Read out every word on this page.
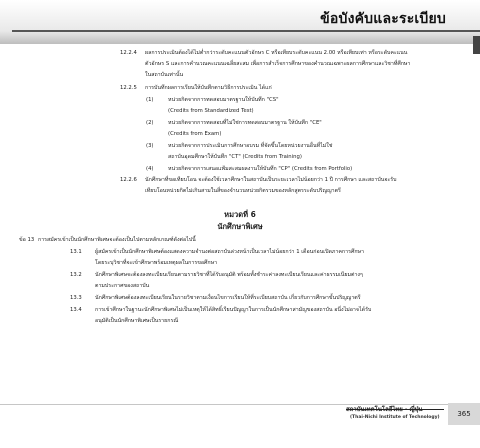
ข้อบังคับและระเบียบ
12.2.4 ผลการประเมินต้องได้ไม่ต่ำกว่าระดับคะแนนตัวอักษร C หรือเทียบระดับคะแนน 2.00 หรือเทียบเท่า หรือระดับคะแนน
ตัวอักษร S และการคำนวณคะแนนเฉลี่ยสะสม เพื่อการสำเร็จการศึกษาของคำนวณเฉพาะผลการศึกษาและวิชาที่ศึกษา
ในสถาบันเท่านั้น
12.2.5 การบันทึกผลการเรียนให้บันทึกตามวิธีการประเมิน ได้แก่
(1)	หน่วยกิตจากการทดสอบมาตรฐานให้บันทึก "CS"
(Credits from Standardized Test)
(2)	หน่วยกิตจากการทดสอบที่ไม่ใช่การทดสอบมาตรฐาน ให้บันทึก "CE"
(Credits from Exam)
(3)	หน่วยกิตจากการประเมินการศึกษาอบรม ที่จัดขึ้นโดยหน่วยงานอื่นที่ไม่ใช่
สถาบันอุดมศึกษาให้บันทึก "CT" (Credits from Training)
(4)	หน่วยกิตจากการเสนอแฟ้มสะสมผลงานให้บันทึก "CP" (Credits from Portfolio)
12.2.6 นักศึกษาที่ขอเทียบโอน จะต้องใช้เวลาศึกษาในสถาบันเป็นระยะเวลาไม่น้อยกว่า 1 ปี การศึกษา และสถาบันจะรับ
เทียบโอนหน่วยกิตไม่เกินสามในสี่ของจำนวนหน่วยกิตรวมของหลักสูตรระดับปริญญาตรี
หมวดที่ 6
นักศึกษาพิเศษ
ข้อ 13 การสมัครเข้าเป็นนักศึกษาพิเศษจะต้องเป็นไปตามหลักเกณฑ์ดังต่อไปนี้
13.1 ผู้สมัครเข้าเป็นนักศึกษาพิเศษต้องแสดงความจำนงต่อสถาบันล่วงหน้าเป็นเวลาไม่น้อยกว่า 1 เดือนก่อนเปิดภาคการศึกษา
โดยระบุวิชาที่จะเข้าศึกษาพร้อมเหตุผลในการขอศึกษา
13.2 นักศึกษาพิเศษจะต้องลงทะเบียนเรียนตามรายวิชาที่ได้รับอนุมัติ พร้อมทั้งชำระค่าลงทะเบียนเรียนและค่าธรรมเนียมต่างๆ
ตามประกาศของสถาบัน
13.3 นักศึกษาพิเศษต้องลงทะเบียนเรียนในรายวิชาตามเงื่อนไขการเรียนให้ที่ระเบียบสถาบัน เกี่ยวกับการศึกษาขั้นปริญญาตรี
13.4 การเข้าศึกษาในฐานะนักศึกษาพิเศษไม่เป็นเหตุให้ได้สิทธิ์เรียนปัญญาในการเป็นนักศึกษาสามัญของสถาบัน อนึ่งไม่อาจได้รับ
อนุมัติเป็นนักศึกษาพิเศษเป็นรายกรณี
(Thai-Nichi Institute of Technology)	365
